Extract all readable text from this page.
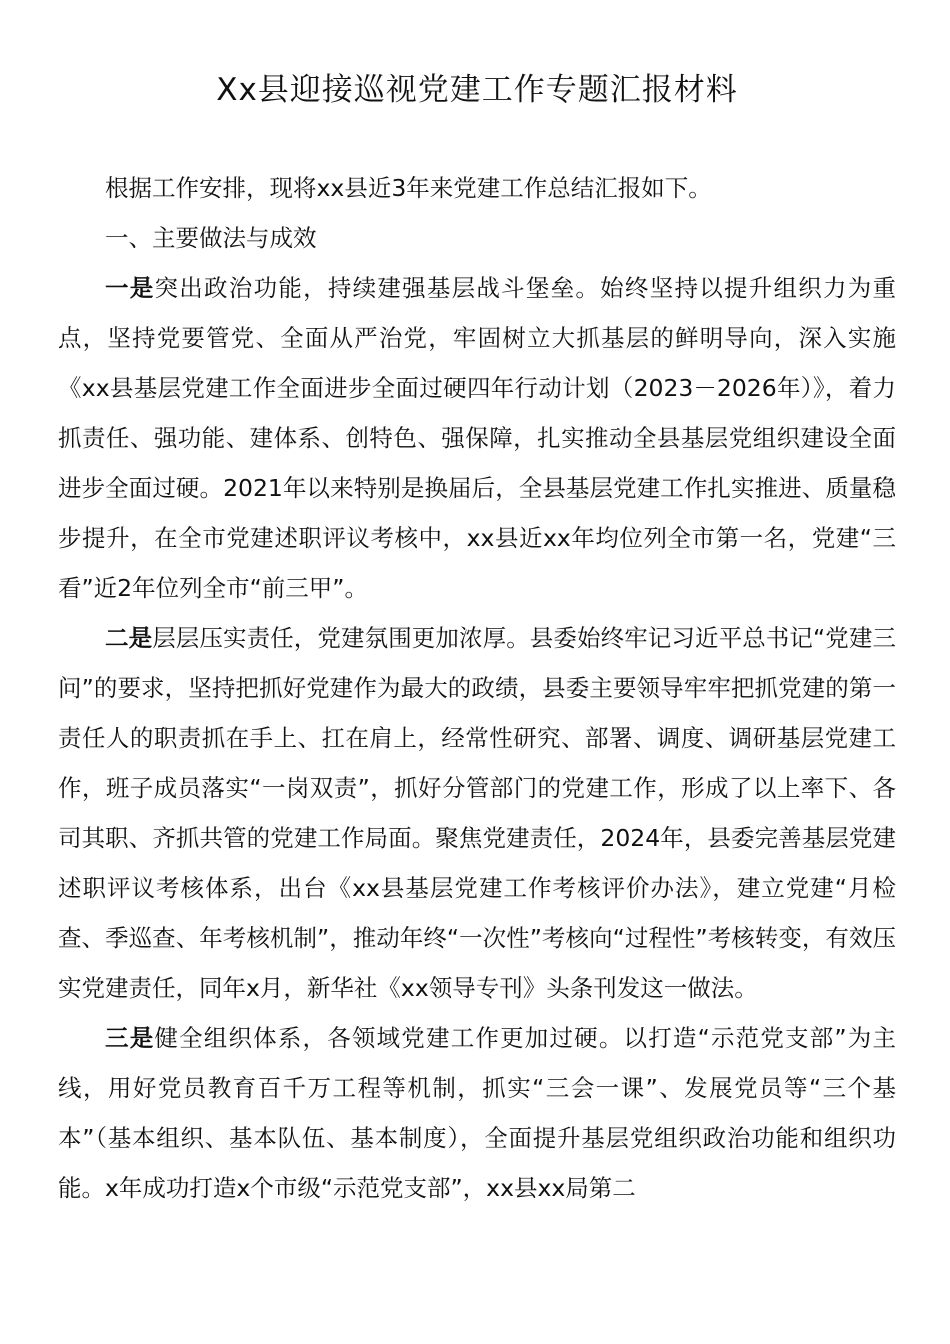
Xx县迎接巡视党建工作专题汇报材料

根据工作安排，现将xx县近3年来党建工作总结汇报如下。

一、主要做法与成效

一是突出政治功能，持续建强基层战斗堡垒。始终坚持以提升组织力为重点，坚持党要管党、全面从严治党，牢固树立大抓基层的鲜明导向，深入实施《xx县基层党建工作全面进步全面过硬四年行动计划（2023－2026年）》，着力抓责任、强功能、建体系、创特色、强保障，扎实推动全县基层党组织建设全面进步全面过硬。2021年以来特别是换届后，全县基层党建工作扎实推进、质量稳步提升，在全市党建述职评议考核中，xx县近xx年均位列全市第一名，党建“三看”近2年位列全市“前三甲”。

二是层层压实责任，党建氛围更加浓厚。县委始终牢记习近平总书记“党建三问”的要求，坚持把抓好党建作为最大的政绩，县委主要领导牢牢把抓党建的第一责任人的职责抓在手上、扛在肩上，经常性研究、部署、调度、调研基层党建工作，班子成员落实“一岗双责”，抓好分管部门的党建工作，形成了以上率下、各司其职、齐抓共管的党建工作局面。聚焦党建责任，2024年，县委完善基层党建述职评议考核体系，出台《xx县基层党建工作考核评价办法》，建立党建“月检查、季巡查、年考核机制”，推动年终“一次性”考核向“过程性”考核转变，有效压实党建责任，同年x月，新华社《xx领导专刊》头条刊发这一做法。

三是健全组织体系，各领域党建工作更加过硬。以打造“示范党支部”为主线，用好党员教育百千万工程等机制，抓实“三会一课”、发展党员等“三个基本”（基本组织、基本队伍、基本制度），全面提升基层党组织政治功能和组织功能。x年成功打造x个市级“示范党支部”，xx县xx局第二
